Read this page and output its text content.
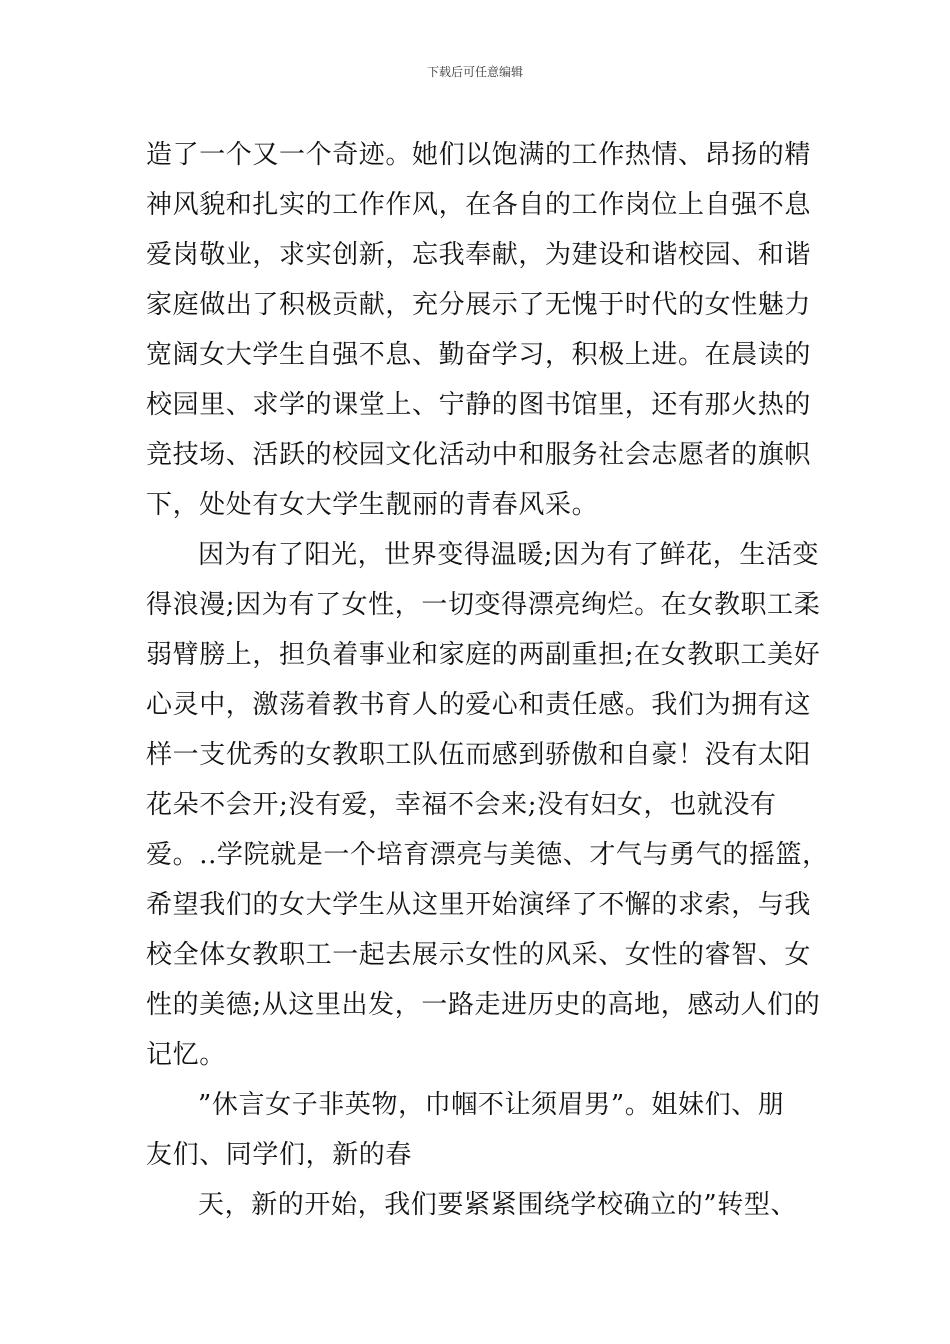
下载后可任意编辑
造了一个又一个奇迹。她们以饱满的工作热情、昂扬的精
神风貌和扎实的工作作风，在各自的工作岗位上自强不息
爱岗敬业，求实创新，忘我奉献，为建设和谐校园、和谐
家庭做出了积极贡献，充分展示了无愧于时代的女性魅力
宽阔女大学生自强不息、勤奋学习，积极上进。在晨读的
校园里、求学的课堂上、宁静的图书馆里，还有那火热的
竞技场、活跃的校园文化活动中和服务社会志愿者的旗帜
下，处处有女大学生靓丽的青春风采。
因为有了阳光，世界变得温暖;因为有了鲜花，生活变
得浪漫;因为有了女性，一切变得漂亮绚烂。在女教职工柔
弱臂膀上，担负着事业和家庭的两副重担;在女教职工美好
心灵中，激荡着教书育人的爱心和责任感。我们为拥有这
样一支优秀的女教职工队伍而感到骄傲和自豪！没有太阳
花朵不会开;没有爱，幸福不会来;没有妇女，也就没有
爱。..学院就是一个培育漂亮与美德、才气与勇气的摇篮，
希望我们的女大学生从这里开始演绎了不懈的求索，与我
校全体女教职工一起去展示女性的风采、女性的睿智、女
性的美德;从这里出发，一路走进历史的高地，感动人们的
记忆。
”休言女子非英物，巾帼不让须眉男”。姐妹们、朋
友们、同学们，新的春
天，新的开始，我们要紧紧围绕学校确立的”转型、
